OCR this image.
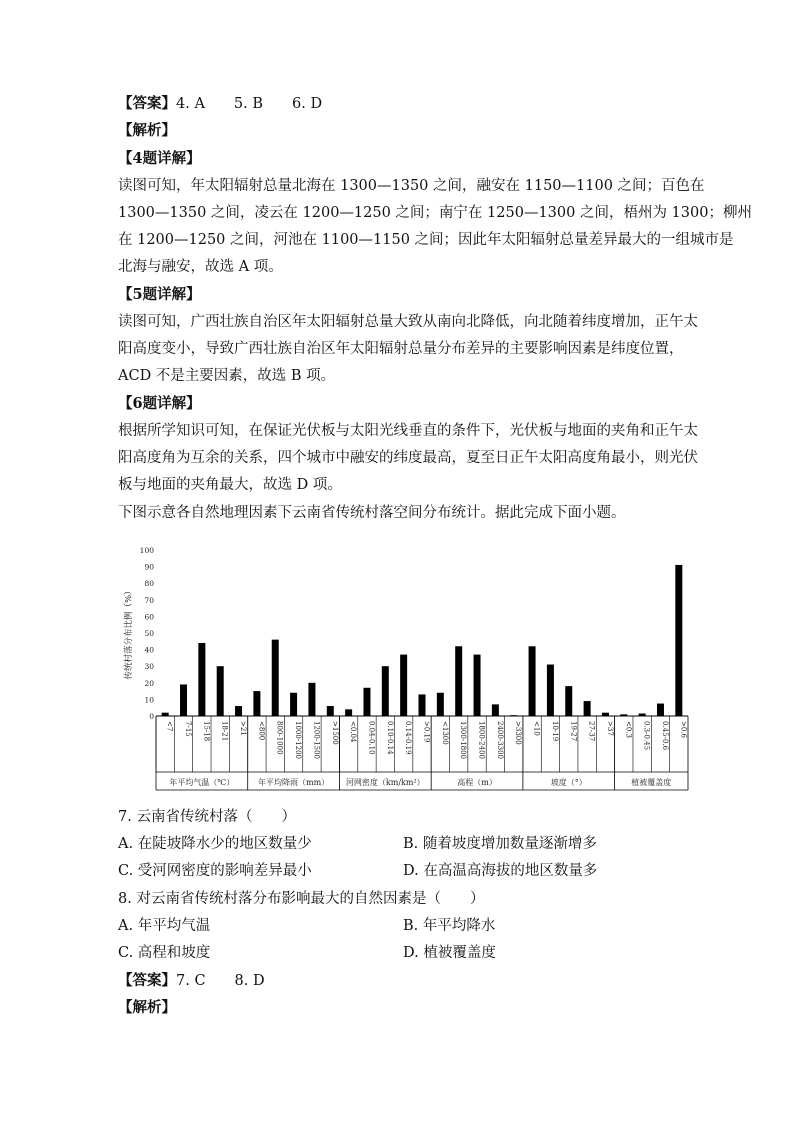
【答案】4. A　　5. B　　6. D
【解析】
【4题详解】
读图可知，年太阳辐射总量北海在 1300—1350 之间，融安在 1150—1100 之间；百色在
1300—1350 之间，凌云在 1200—1250 之间；南宁在 1250—1300 之间，梧州为 1300；柳州
在 1200—1250 之间，河池在 1100—1150 之间；因此年太阳辐射总量差异最大的一组城市是
北海与融安，故选 A 项。
【5题详解】
读图可知，广西壮族自治区年太阳辐射总量大致从南向北降低，向北随着纬度增加，正午太
阳高度变小，导致广西壮族自治区年太阳辐射总量分布差异的主要影响因素是纬度位置，
ACD 不是主要因素，故选 B 项。
【6题详解】
根据所学知识可知，在保证光伏板与太阳光线垂直的条件下，光伏板与地面的夹角和正午太
阳高度角为互余的关系，四个城市中融安的纬度最高，夏至日正午太阳高度角最小，则光伏
板与地面的夹角最大，故选 D 项。
下图示意各自然地理因素下云南省传统村落空间分布统计。据此完成下面小题。
传统村落分布比例（%）
0
10
20
30
40
50
60
70
80
90
100
<7 7-15 15-18 18-21 >21
年平均气温（℃）
<800 800-1000 1000-1200 1200-1500 >1500
年平均降雨（mm）
<0.04 0.04-0.10 0.10-0.14 0.14-0.19 >0.19
河网密度（km/km²）
<1300 1300-1800 1800-2400 2400-3300 >3300
高程（m）
<10 10-19 19-27 27-37 >37
坡度（°）
<0.3 0.3-0.45 0.45-0.6 >0.6
植被覆盖度
7. 云南省传统村落（　　）
A. 在陡坡降水少的地区数量少	B. 随着坡度增加数量逐渐增多
C. 受河网密度的影响差异最小	D. 在高温高海拔的地区数量多
8. 对云南省传统村落分布影响最大的自然因素是（　　）
A. 年平均气温	B. 年平均降水
C. 高程和坡度	D. 植被覆盖度
【答案】7. C　　8. D
【解析】
